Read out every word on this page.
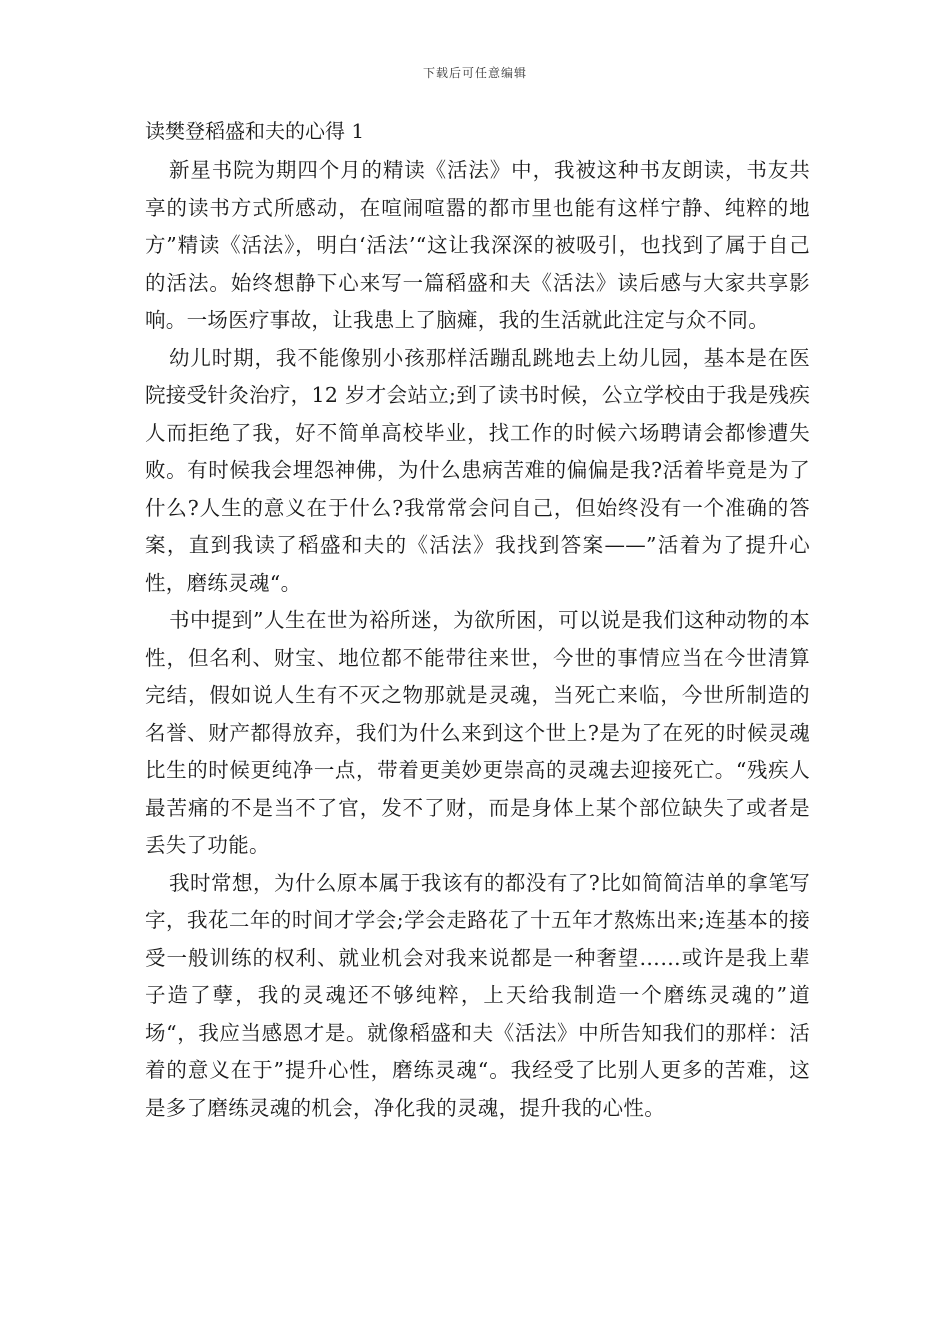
下载后可任意编辑
读樊登稻盛和夫的心得 1

新星书院为期四个月的精读《活法》中，我被这种书友朗读，书友共享的读书方式所感动，在喧闹喧嚣的都市里也能有这样宁静、纯粹的地方”精读《活法》，明白‘活法’“这让我深深的被吸引，也找到了属于自己的活法。始终想静下心来写一篇稻盛和夫《活法》读后感与大家共享影响。一场医疗事故，让我患上了脑瘫，我的生活就此注定与众不同。

幼儿时期，我不能像别小孩那样活蹦乱跳地去上幼儿园，基本是在医院接受针灸治疗，12 岁才会站立;到了读书时候，公立学校由于我是残疾人而拒绝了我，好不简单高校毕业，找工作的时候六场聘请会都惨遭失败。有时候我会埋怨神佛，为什么患病苦难的偏偏是我?活着毕竟是为了什么?人生的意义在于什么?我常常会问自己，但始终没有一个准确的答案，直到我读了稻盛和夫的《活法》我找到答案——”活着为了提升心性，磨练灵魂“。

书中提到”人生在世为裕所迷，为欲所困，可以说是我们这种动物的本性，但名利、财宝、地位都不能带往来世，今世的事情应当在今世清算完结，假如说人生有不灭之物那就是灵魂，当死亡来临，今世所制造的名誉、财产都得放弃，我们为什么来到这个世上?是为了在死的时候灵魂比生的时候更纯净一点，带着更美妙更崇高的灵魂去迎接死亡。“残疾人最苦痛的不是当不了官，发不了财，而是身体上某个部位缺失了或者是丢失了功能。

我时常想，为什么原本属于我该有的都没有了?比如简简洁单的拿笔写字，我花二年的时间才学会;学会走路花了十五年才熬炼出来;连基本的接受一般训练的权利、就业机会对我来说都是一种奢望……或许是我上辈子造了孽，我的灵魂还不够纯粹，上天给我制造一个磨练灵魂的”道场“，我应当感恩才是。就像稻盛和夫《活法》中所告知我们的那样：活着的意义在于”提升心性，磨练灵魂“。我经受了比别人更多的苦难，这是多了磨练灵魂的机会，净化我的灵魂，提升我的心性。
